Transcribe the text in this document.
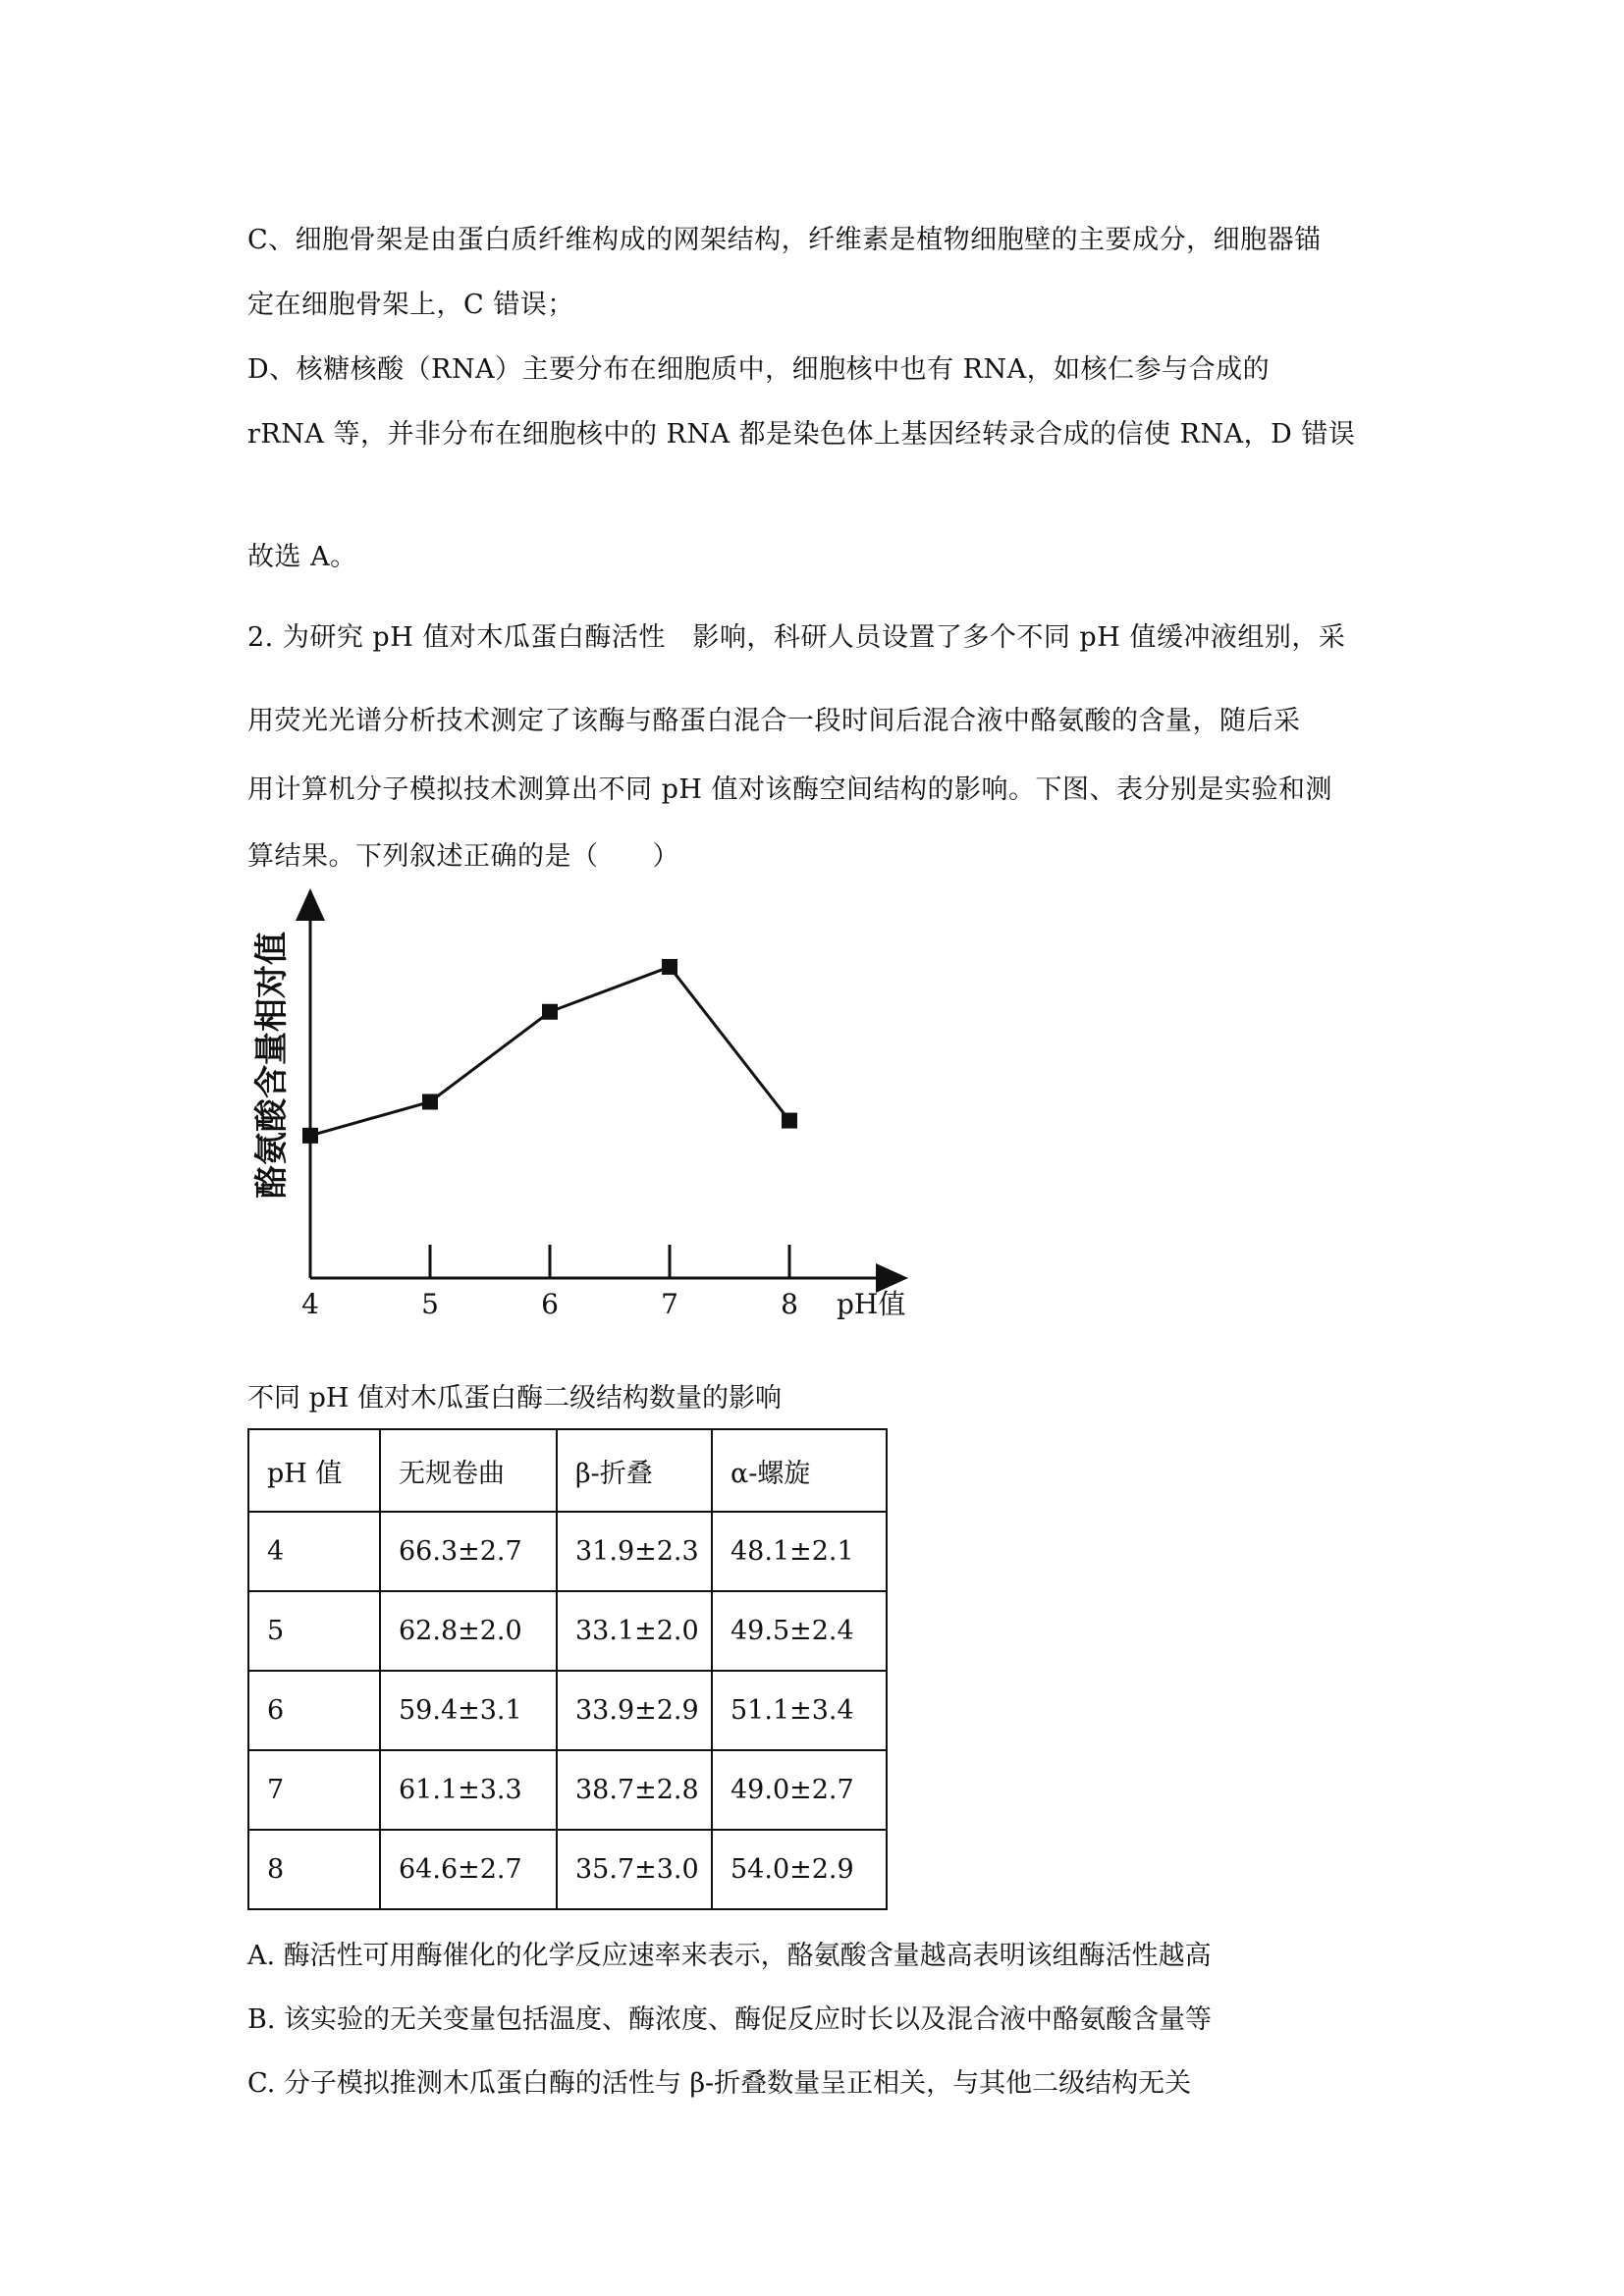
C、细胞骨架是由蛋白质纤维构成的网架结构，纤维素是植物细胞壁的主要成分，细胞器锚
定在细胞骨架上，C 错误；
D、核糖核酸（RNA）主要分布在细胞质中，细胞核中也有 RNA，如核仁参与合成的
rRNA 等，并非分布在细胞核中的 RNA 都是染色体上基因经转录合成的信使 RNA，D 错误
故选 A。
2. 为研究 pH 值对木瓜蛋白酶活性　影响，科研人员设置了多个不同 pH 值缓冲液组别，采
用荧光光谱分析技术测定了该酶与酪蛋白混合一段时间后混合液中酪氨酸的含量，随后采
用计算机分子模拟技术测算出不同 pH 值对该酶空间结构的影响。下图、表分别是实验和测
算结果。下列叙述正确的是（　　）
4	5	6	7	8
酪氨酸含量相对值
pH值
不同 pH 值对木瓜蛋白酶二级结构数量的影响
pH 值	无规卷曲	β-折叠	α-螺旋
4	66.3±2.7	31.9±2.3	48.1±2.1
5	62.8±2.0	33.1±2.0	49.5±2.4
6	59.4±3.1	33.9±2.9	51.1±3.4
7	61.1±3.3	38.7±2.8	49.0±2.7
8	64.6±2.7	35.7±3.0	54.0±2.9
A. 酶活性可用酶催化的化学反应速率来表示，酪氨酸含量越高表明该组酶活性越高
B. 该实验的无关变量包括温度、酶浓度、酶促反应时长以及混合液中酪氨酸含量等
C. 分子模拟推测木瓜蛋白酶的活性与 β-折叠数量呈正相关，与其他二级结构无关
